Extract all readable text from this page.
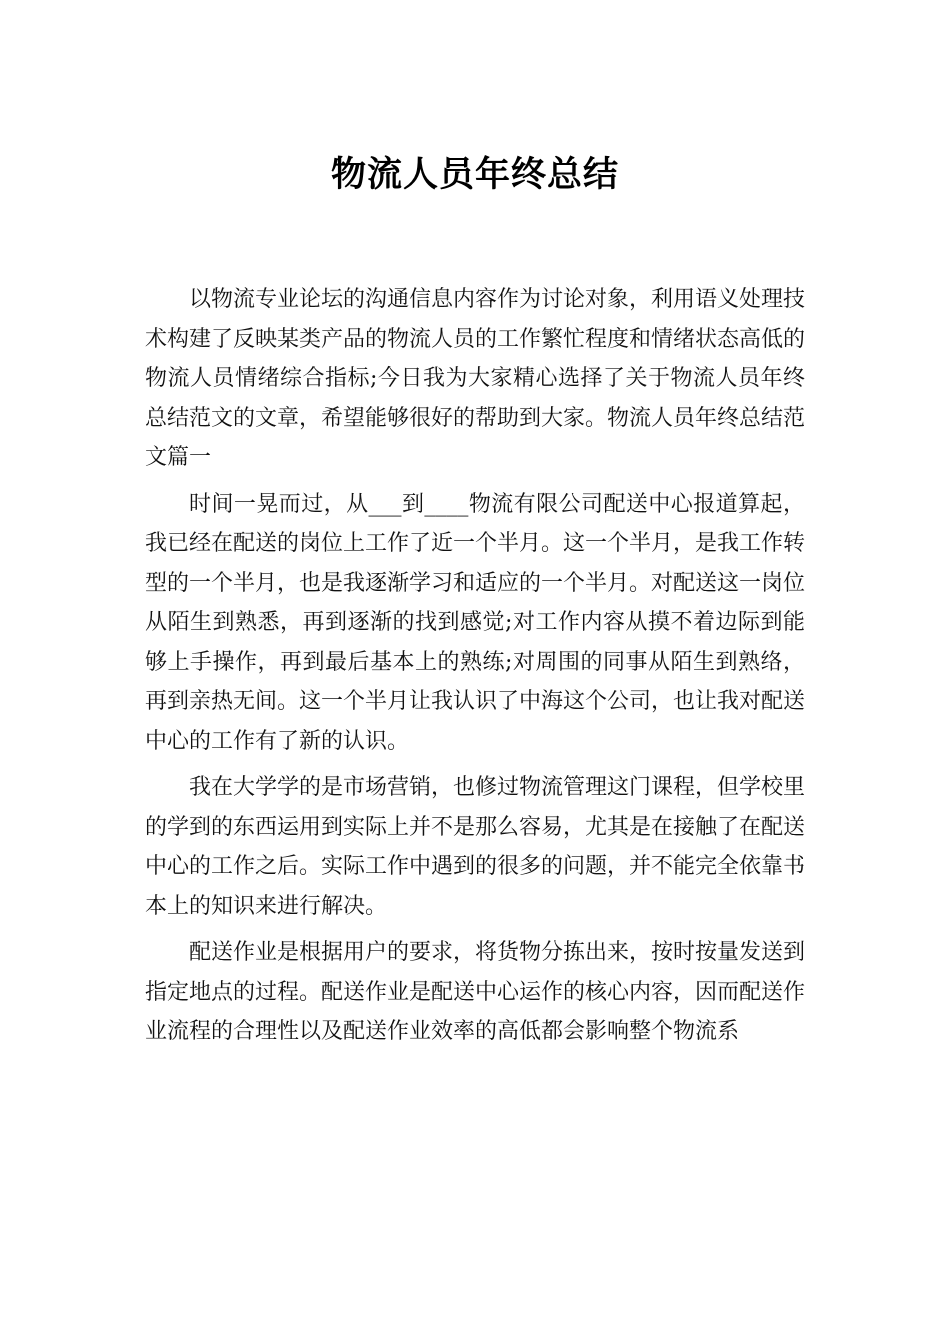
物流人员年终总结

以物流专业论坛的沟通信息内容作为讨论对象，利用语义处理技术构建了反映某类产品的物流人员的工作繁忙程度和情绪状态高低的物流人员情绪综合指标;今日我为大家精心选择了关于物流人员年终总结范文的文章，希望能够很好的帮助到大家。物流人员年终总结范文篇一

时间一晃而过，从___到____物流有限公司配送中心报道算起，我已经在配送的岗位上工作了近一个半月。这一个半月，是我工作转型的一个半月，也是我逐渐学习和适应的一个半月。对配送这一岗位从陌生到熟悉，再到逐渐的找到感觉;对工作内容从摸不着边际到能够上手操作，再到最后基本上的熟练;对周围的同事从陌生到熟络，再到亲热无间。这一个半月让我认识了中海这个公司，也让我对配送中心的工作有了新的认识。

我在大学学的是市场营销，也修过物流管理这门课程，但学校里的学到的东西运用到实际上并不是那么容易，尤其是在接触了在配送中心的工作之后。实际工作中遇到的很多的问题，并不能完全依靠书本上的知识来进行解决。

配送作业是根据用户的要求，将货物分拣出来，按时按量发送到指定地点的过程。配送作业是配送中心运作的核心内容，因而配送作业流程的合理性以及配送作业效率的高低都会影响整个物流系
